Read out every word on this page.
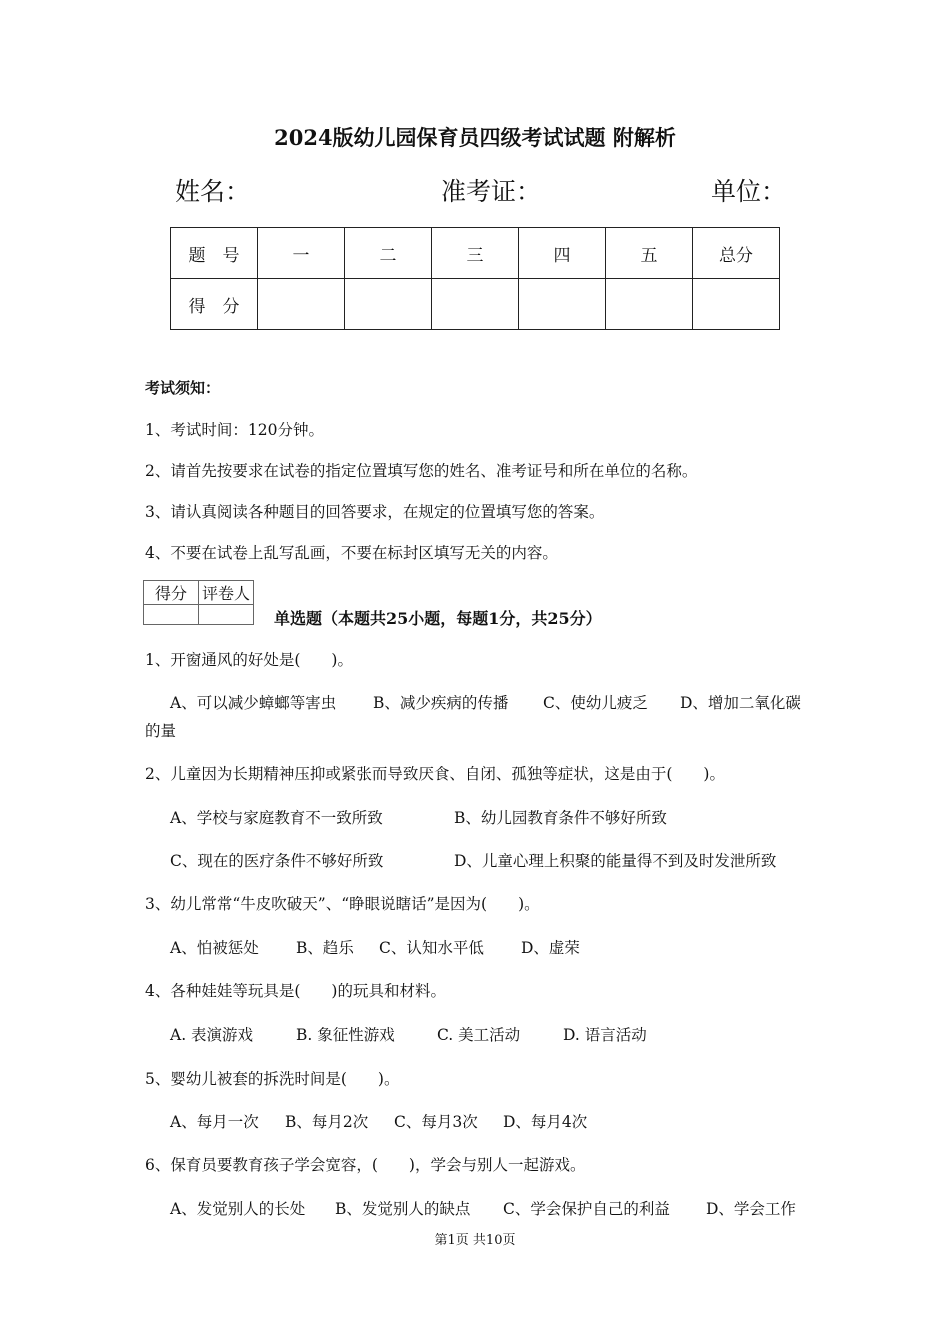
2024版幼儿园保育员四级考试试题 附解析
姓名：	准考证：	单位：
题　号	一	二	三	四	五	总分
得　分						
考试须知：
1、考试时间：120分钟。
2、请首先按要求在试卷的指定位置填写您的姓名、准考证号和所在单位的名称。
3、请认真阅读各种题目的回答要求，在规定的位置填写您的答案。
4、不要在试卷上乱写乱画，不要在标封区填写无关的内容。
得分	评卷人

单选题（本题共25小题，每题1分，共25分）
1、开窗通风的好处是(　　)。
A、可以减少蟑螂等害虫 B、减少疾病的传播 C、使幼儿疲乏 D、增加二氧化碳
的量
2、儿童因为长期精神压抑或紧张而导致厌食、自闭、孤独等症状，这是由于(　　)。
A、学校与家庭教育不一致所致	B、幼儿园教育条件不够好所致
C、现在的医疗条件不够好所致	D、儿童心理上积聚的能量得不到及时发泄所致
3、幼儿常常“牛皮吹破天”、“睁眼说瞎话”是因为(　　)。
A、怕被惩处 B、趋乐 C、认知水平低 D、虚荣
4、各种娃娃等玩具是(　　)的玩具和材料。
A. 表演游戏	B. 象征性游戏	C. 美工活动	D. 语言活动
5、婴幼儿被套的拆洗时间是(　　)。
A、每月一次 B、每月2次 C、每月3次 D、每月4次
6、保育员要教育孩子学会宽容，(　　)，学会与别人一起游戏。
A、发觉别人的长处 B、发觉别人的缺点 C、学会保护自己的利益 D、学会工作
第1页 共10页
